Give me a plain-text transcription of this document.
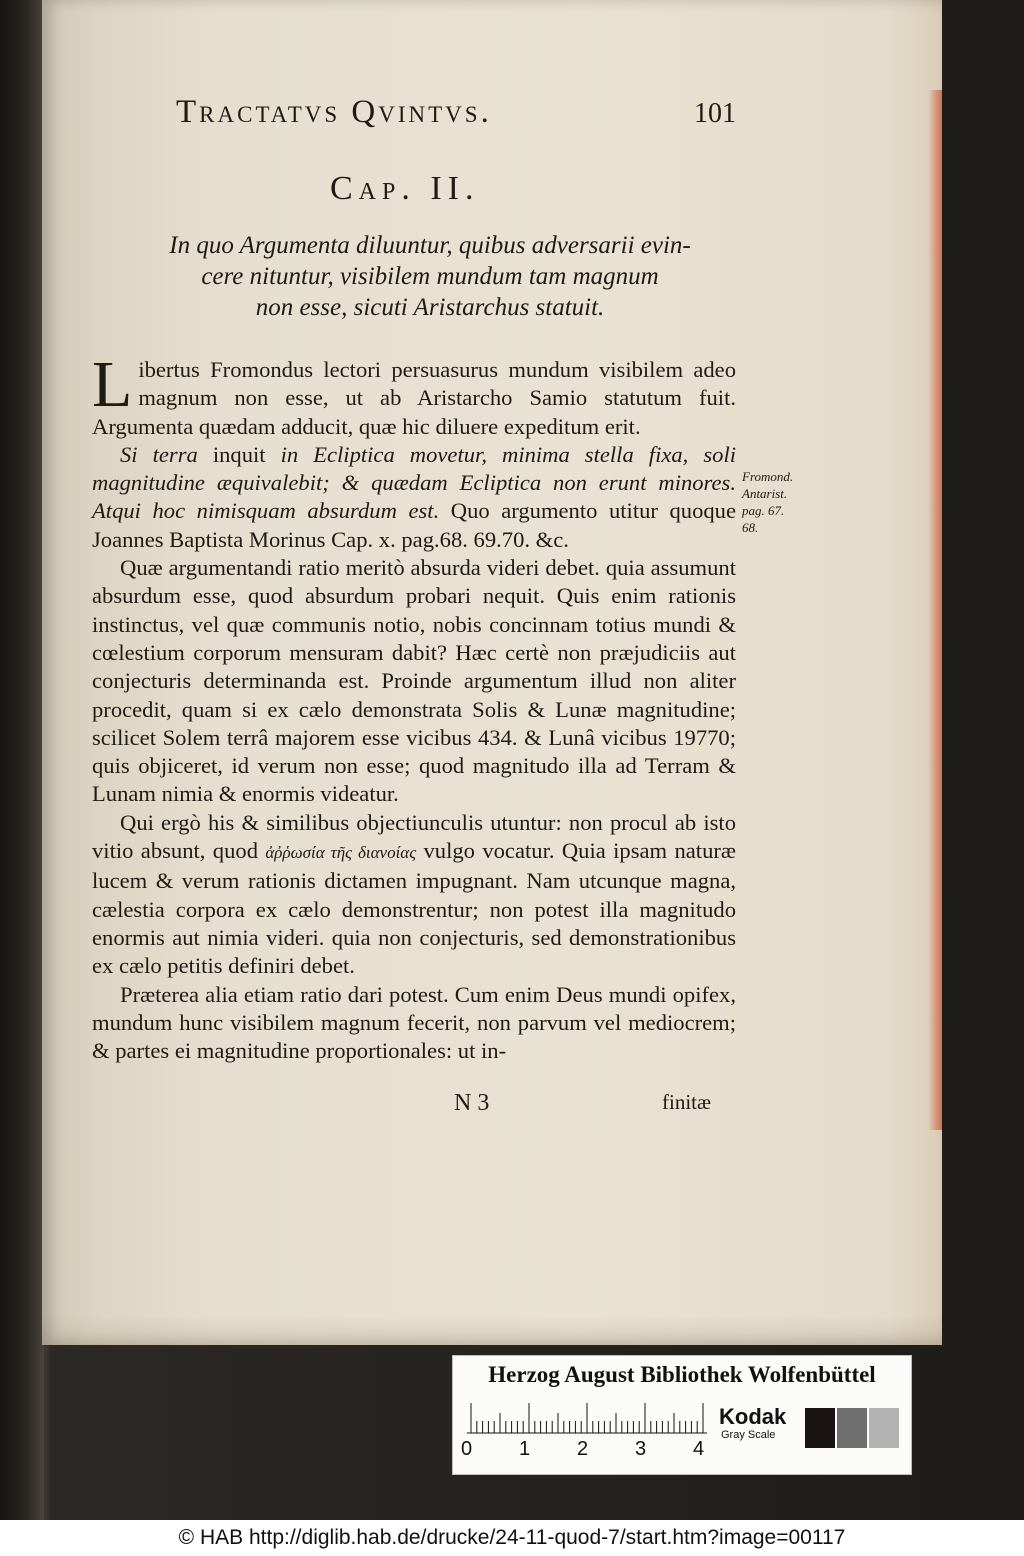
Tractatvs Qvintvs.	101
Cap. II.
In quo Argumenta diluuntur, quibus adversarii evin-
cere nituntur, visibilem mundum tam magnum
non esse, sicuti Aristarchus statuit.

Libertus Fromondus lectori persuasurus mundum visibilem adeo magnum non esse, ut ab Aristarcho Samio statutum fuit. Argumenta quædam adducit, quæ hic diluere expeditum erit.

Si terra inquit in Ecliptica movetur, minima stella fixa, soli magnitudine æquivalebit; & quædam Ecliptica non erunt minores. Atqui hoc nimisquam absurdum est. Quo argumento utitur quoque Joannes Baptista Morinus Cap. x. pag.68. 69.70. &c.

Quæ argumentandi ratio meritò absurda videri debet. quia assumunt absurdum esse, quod absurdum probari nequit. Quis enim rationis instinctus, vel quæ communis notio, nobis concinnam totius mundi & cœlestium corporum mensuram dabit? Hæc certè non præjudiciis aut conjecturis determinanda est. Proinde argumentum illud non aliter procedit, quam si ex cælo demonstrata Solis & Lunæ magnitudine; scilicet Solem terrâ majorem esse vicibus 434. & Lunâ vicibus 19770; quis objiceret, id verum non esse; quod magnitudo illa ad Terram & Lunam nimia & enormis videatur.

Qui ergò his & similibus objectiunculis utuntur: non procul ab isto vitio absunt, quod ἀῤῥωσία τῆς διανοίας vulgo vocatur. Quia ipsam naturæ lucem & verum rationis dictamen impugnant. Nam utcunque magna, cælestia corpora ex cælo demonstrentur; non potest illa magnitudo enormis aut nimia videri. quia non conjecturis, sed demonstrationibus ex cælo petitis definiri debet.

Præterea alia etiam ratio dari potest. Cum enim Deus mundi opifex, mundum hunc visibilem magnum fecerit, non parvum vel mediocrem; & partes ei magnitudine proportionales: ut in-

Fromond.
Antarist.
pag. 67.
68.
N 3	finitæ
Herzog August Bibliothek Wolfenbüttel
0 1 2 3 4
Kodak
Gray Scale
© HAB http://diglib.hab.de/drucke/24-11-quod-7/start.htm?image=00117
